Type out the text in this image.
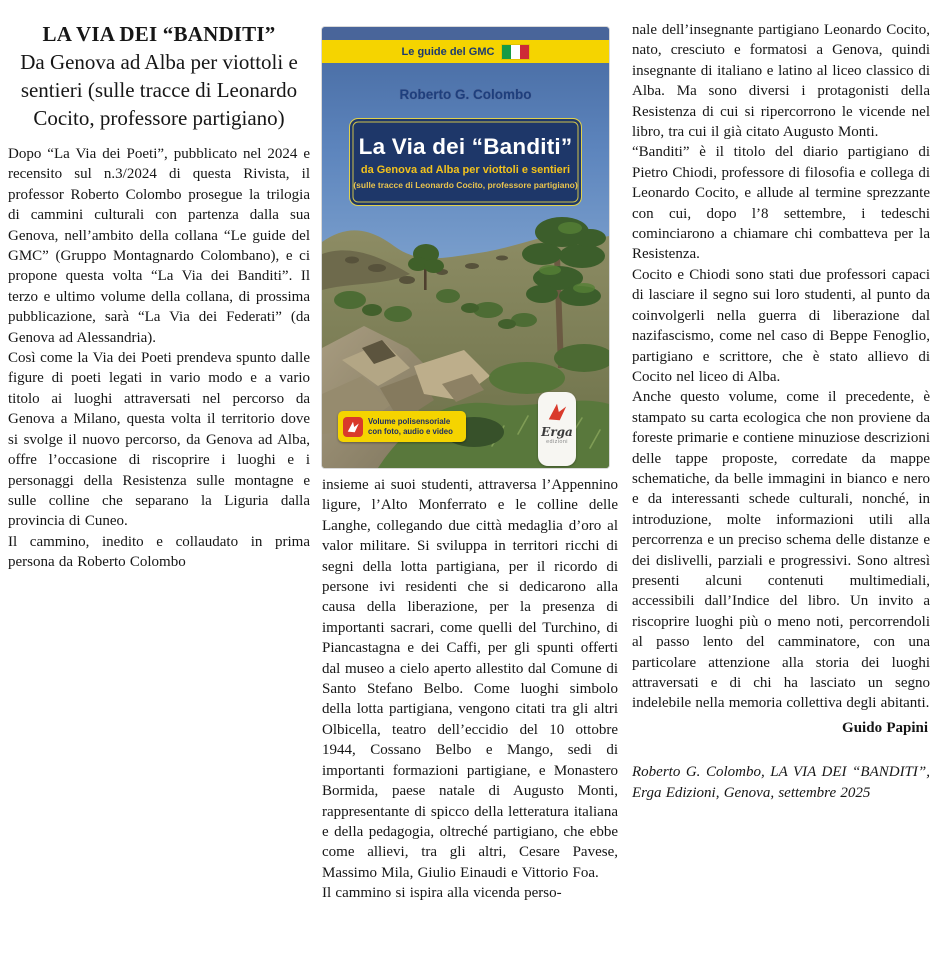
LA VIA DEI “BANDITI”
Da Genova ad Alba per viottoli e sentieri (sulle tracce di Leonardo Cocito, professore partigiano)

Dopo “La Via dei Poeti”, pubblicato nel 2024 e recensito sul n.3/2024 di questa Rivista, il professor Roberto Colombo prosegue la trilogia di cammini culturali con partenza dalla sua Genova, nell’ambito della collana “Le guide del GMC” (Gruppo Montagnardo Colombano), e ci propone questa volta “La Via dei Banditi”. Il terzo e ultimo volume della collana, di prossima pubblicazione, sarà “La Via dei Federati” (da Genova ad Alessandria).

Così come la Via dei Poeti prendeva spunto dalle figure di poeti legati in vario modo e a vario titolo ai luoghi attraversati nel percorso da Genova a Milano, questa volta il territorio dove si svolge il nuovo percorso, da Genova ad Alba, offre l’occasione di riscoprire i luoghi e i personaggi della Resistenza sulle montagne e sulle colline che separano la Liguria dalla provincia di Cuneo.

Il cammino, inedito e collaudato in prima persona da Roberto Colombo

Le guide del GMC
Roberto G. Colombo
La Via dei “Banditi”
da Genova ad Alba per viottoli e sentieri
(sulle tracce di Leonardo Cocito, professore partigiano)
Volume polisensoriale
con foto, audio e video	Erga
edizioni

insieme ai suoi studenti, attraversa l’Appennino ligure, l’Alto Monferrato e le colline delle Langhe, collegando due città medaglia d’oro al valor militare. Si sviluppa in territori ricchi di segni della lotta partigiana, per il ricordo di persone ivi residenti che si dedicarono alla causa della liberazione, per la presenza di importanti sacrari, come quelli del Turchino, di Piancastagna e dei Caffi, per gli spunti offerti dal museo a cielo aperto allestito dal Comune di Santo Stefano Belbo. Come luoghi simbolo della lotta partigiana, vengono citati tra gli altri Olbicella, teatro dell’eccidio del 10 ottobre 1944, Cossano Belbo e Mango, sedi di importanti formazioni partigiane, e Monastero Bormida, paese natale di Augusto Monti, rappresentante di spicco della letteratura italiana e della pedagogia, oltreché partigiano, che ebbe come allievi, tra gli altri, Cesare Pavese, Massimo Mila, Giulio Einaudi e Vittorio Foa.

Il cammino si ispira alla vicenda perso-

nale dell’insegnante partigiano Leonardo Cocito, nato, cresciuto e formatosi a Genova, quindi insegnante di italiano e latino al liceo classico di Alba. Ma sono diversi i protagonisti della Resistenza di cui si ripercorrono le vicende nel libro, tra cui il già citato Augusto Monti.

“Banditi” è il titolo del diario partigiano di Pietro Chiodi, professore di filosofia e collega di Leonardo Cocito, e allude al termine sprezzante con cui, dopo l’8 settembre, i tedeschi cominciarono a chiamare chi combatteva per la Resistenza.

Cocito e Chiodi sono stati due professori capaci di lasciare il segno sui loro studenti, al punto da coinvolgerli nella guerra di liberazione dal nazifascismo, come nel caso di Beppe Fenoglio, partigiano e scrittore, che è stato allievo di Cocito nel liceo di Alba.

Anche questo volume, come il precedente, è stampato su carta ecologica che non proviene da foreste primarie e contiene minuziose descrizioni delle tappe proposte, corredate da mappe schematiche, da belle immagini in bianco e nero e da interessanti schede culturali, nonché, in introduzione, molte informazioni utili alla percorrenza e un preciso schema delle distanze e dei dislivelli, parziali e progressivi. Sono altresì presenti alcuni contenuti multimediali, accessibili dall’Indice del libro. Un invito a riscoprire luoghi più o meno noti, percorrendoli al passo lento del camminatore, con una particolare attenzione alla storia dei luoghi attraversati e di chi ha lasciato un segno indelebile nella memoria collettiva degli abitanti.

Guido Papini

Roberto G. Colombo, LA VIA DEI “BANDITI”, Erga Edizioni, Genova, settembre 2025
